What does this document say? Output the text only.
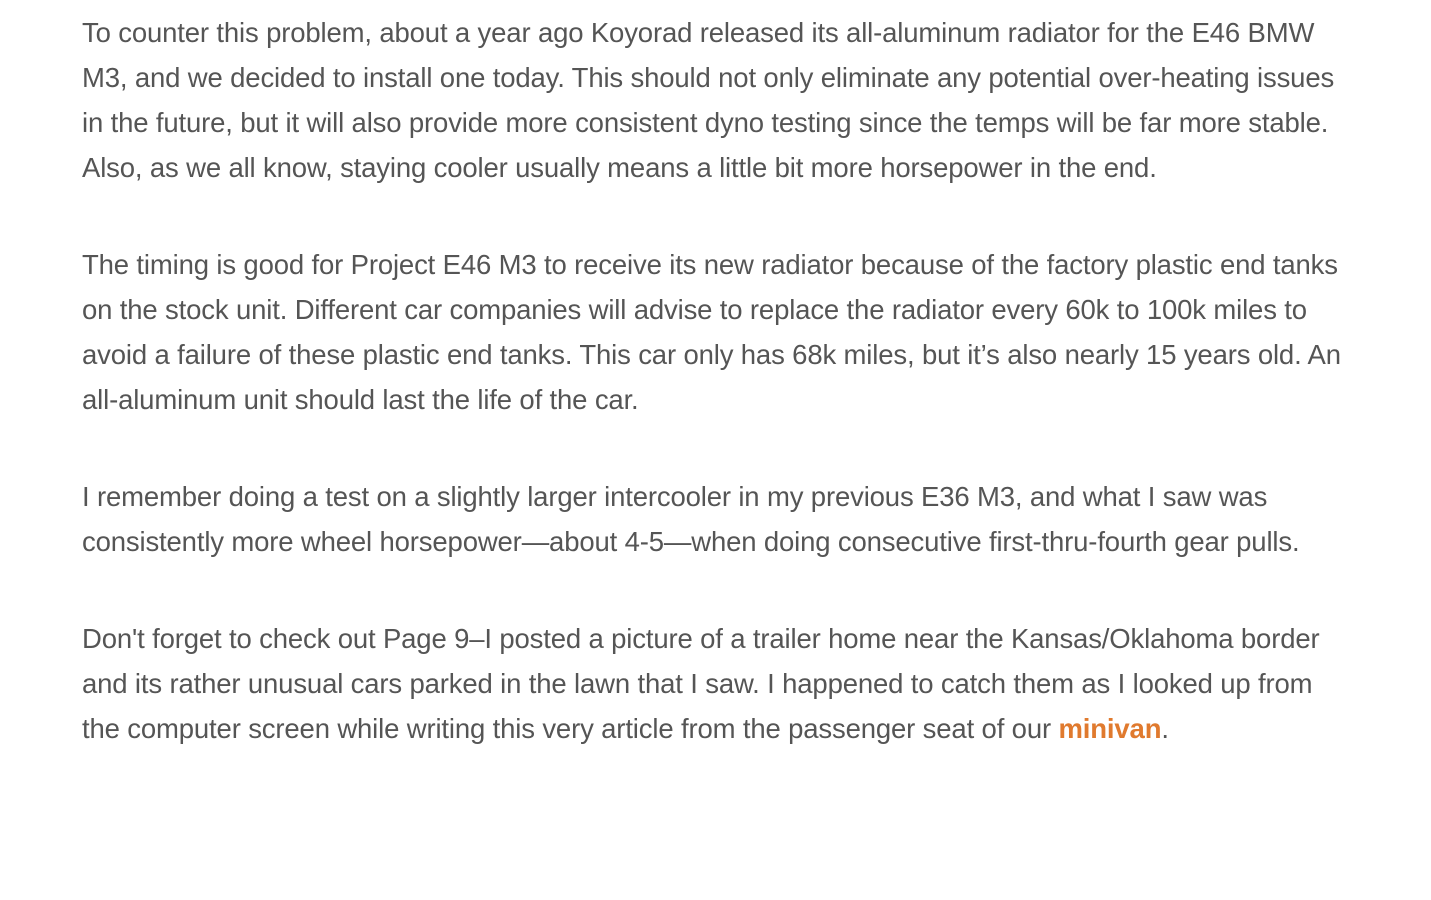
To counter this problem, about a year ago Koyorad released its all-aluminum radiator for the E46 BMW M3, and we decided to install one today. This should not only eliminate any potential over-heating issues in the future, but it will also provide more consistent dyno testing since the temps will be far more stable. Also, as we all know, staying cooler usually means a little bit more horsepower in the end.

The timing is good for Project E46 M3 to receive its new radiator because of the factory plastic end tanks on the stock unit. Different car companies will advise to replace the radiator every 60k to 100k miles to avoid a failure of these plastic end tanks. This car only has 68k miles, but it’s also nearly 15 years old. An all-aluminum unit should last the life of the car.

I remember doing a test on a slightly larger intercooler in my previous E36 M3, and what I saw was consistently more wheel horsepower—about 4-5—when doing consecutive first-thru-fourth gear pulls.

Don't forget to check out Page 9–I posted a picture of a trailer home near the Kansas/Oklahoma border and its rather unusual cars parked in the lawn that I saw. I happened to catch them as I looked up from the computer screen while writing this very article from the passenger seat of our minivan.
